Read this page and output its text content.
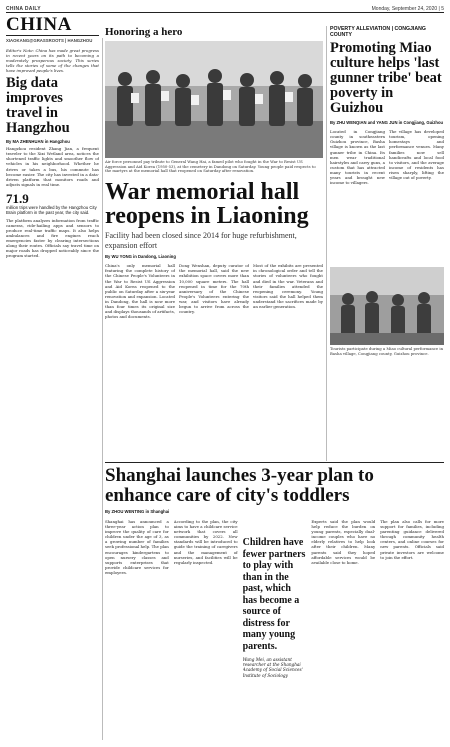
CHINA DAILY	Monday, September 24, 2020 | 5
CHINA
XIAOKANG@GRASSROOTS | HANGZHOU
Editor's Note: China has made great progress in recent years on its path to becoming a moderately prosperous society. This series tells the stories of some of the changes that have improved people's lives.
Big data improves travel in Hangzhou
By MA ZHENHUAN in Hangzhou
Hangzhou resident Zhang Jian, a frequent traveler to the Xixi Wetland area, notices the shortened traffic lights and smoother flow of vehicles in his neighborhood. Whether he drives or takes a bus, his commute has become easier. The city has invested in a data-driven platform that monitors roads and adjusts signals in real time.
71.9
million trips were handled by the Hangzhou City Brain platform in the past year, the city said.
The platform analyzes information from traffic cameras, ride-hailing apps and sensors to produce real-time traffic maps. It also helps ambulances and fire engines reach emergencies faster by clearing intersections along their routes. Officials say travel time on major roads has dropped noticeably since the program started.
Honoring a hero
Air force personnel pay tribute to General Wang Hai, a famed pilot who fought in the War to Resist US Aggression and Aid Korea (1950-53), at the cemetery in Dandong on Saturday. Young people paid respects to the martyrs at the memorial hall that reopened on Saturday after renovation.
War memorial hall reopens in Liaoning
Facility had been closed since 2014 for huge refurbishment, expansion effort
By WU YONG in Dandong, Liaoning
China's only memorial hall featuring the complete history of the Chinese People's Volunteers in the War to Resist US Aggression and Aid Korea reopened to the public on Saturday after a six-year renovation and expansion. Located in Dandong, the hall is now more than four times its original size and displays thousands of artifacts, photos and documents.
Dong Wenshan, deputy curator of the memorial hall, said the new exhibition space covers more than 10,000 square meters. The hall reopened in time for the 70th anniversary of the Chinese People's Volunteers entering the war, and visitors have already begun to arrive from across the country.
Most of the exhibits are presented in chronological order and tell the stories of volunteers who fought and died in the war. Veterans and their families attended the reopening ceremony. Young visitors said the hall helped them understand the sacrifices made by an earlier generation.
POVERTY ALLEVIATION | CONGJIANG COUNTY
Promoting Miao culture helps 'last gunner tribe' beat poverty in Guizhou
By ZHU WENQIAN and YANG JUN in Congjiang, Guizhou
Located in Congjiang county in southeastern Guizhou province, Basha village is known as the last gunner tribe in China. Its men wear traditional hairstyles and carry guns, a custom that has attracted many tourists in recent years and brought new income to villagers.
The village has developed tourism, opening homestays and performance venues. Many families now sell handicrafts and local food to visitors, and the average income of residents has risen sharply, lifting the village out of poverty.
Tourists participate during a Miao cultural performance in Basha village, Congjiang county, Guizhou province.
Shanghai launches 3-year plan to enhance care of city's toddlers
By ZHOU WENTING in Shanghai
Shanghai has announced a three-year action plan to improve the quality of care for children under the age of 3, as a growing number of families seek professional help. The plan encourages kindergartens to open nursery classes and supports enterprises that provide childcare services for employees.
According to the plan, the city aims to have a childcare service network that covers all communities by 2022. New standards will be introduced to guide the training of caregivers and the management of nurseries, and facilities will be regularly inspected.
Children have fewer partners to play with than in the past, which has become a source of distress for many young parents.
Wang Mei, an assistant researcher at the Shanghai Academy of Social Sciences' Institute of Sociology
Experts said the plan would help reduce the burden on young parents, especially dual-income couples who have no elderly relatives to help look after their children. Many parents said they hoped affordable services would be available close to home.
The plan also calls for more support for families, including parenting guidance delivered through community health centers, and online courses for new parents. Officials said private investors are welcome to join the effort.
